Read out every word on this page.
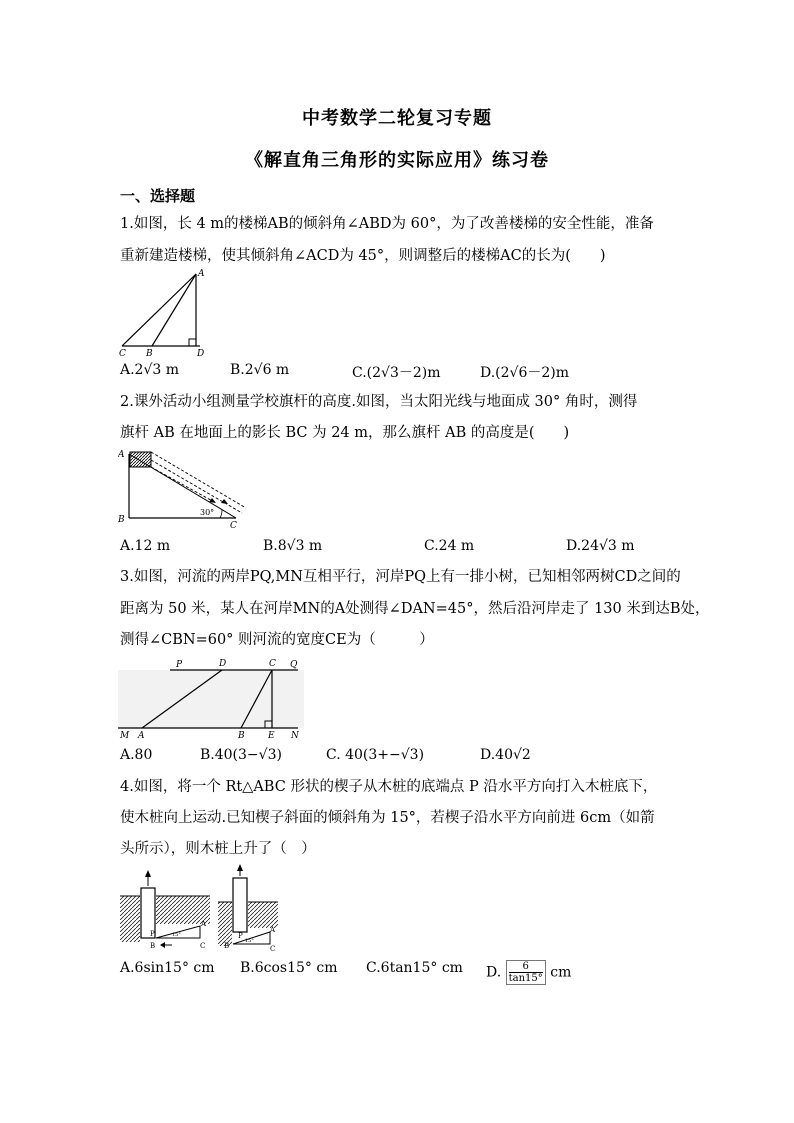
中考数学二轮复习专题
《解直角三角形的实际应用》练习卷
一、选择题
1.如图，长 4 m的楼梯AB的倾斜角∠ABD为 60°，为了改善楼梯的安全性能，准备
重新建造楼梯，使其倾斜角∠ACD为 45°，则调整后的楼梯AC的长为(　　)
A
B
C	D
A.2√3 m	B.2√6 m	C.(2√3－2)m	D.(2√6－2)m
2.课外活动小组测量学校旗杆的高度.如图，当太阳光线与地面成 30° 角时，测得
旗杆 AB 在地面上的影长 BC 为 24 m，那么旗杆 AB 的高度是(　　)
A
B
C
30°
A.12 m	B.8√3 m	C.24 m	D.24√3 m
3.如图，河流的两岸PQ,MN互相平行，河岸PQ上有一排小树，已知相邻两树CD之间的
距离为 50 米，某人在河岸MN的A处测得∠DAN=45°，然后沿河岸走了 130 米到达B处，
测得∠CBN=60° 则河流的宽度CE为（　　　）
P	D	C Q
M A	B	E N
A.80	B.40(3−√3)	C. 40(3+−√3)	D.40√2
4.如图，将一个 Rt△ABC 形状的楔子从木桩的底端点 P 沿水平方向打入木桩底下，
使木桩向上运动.已知楔子斜面的倾斜角为 15°，若楔子沿水平方向前进 6cm（如箭
头所示），则木桩上升了（　）
A
B	C
P	15°
A
B	C
P
15°
A.6sin15° cm B.6cos15° cm C.6tan15° cm D. $\frac{6}{\tan 15^\circ}$ cm
